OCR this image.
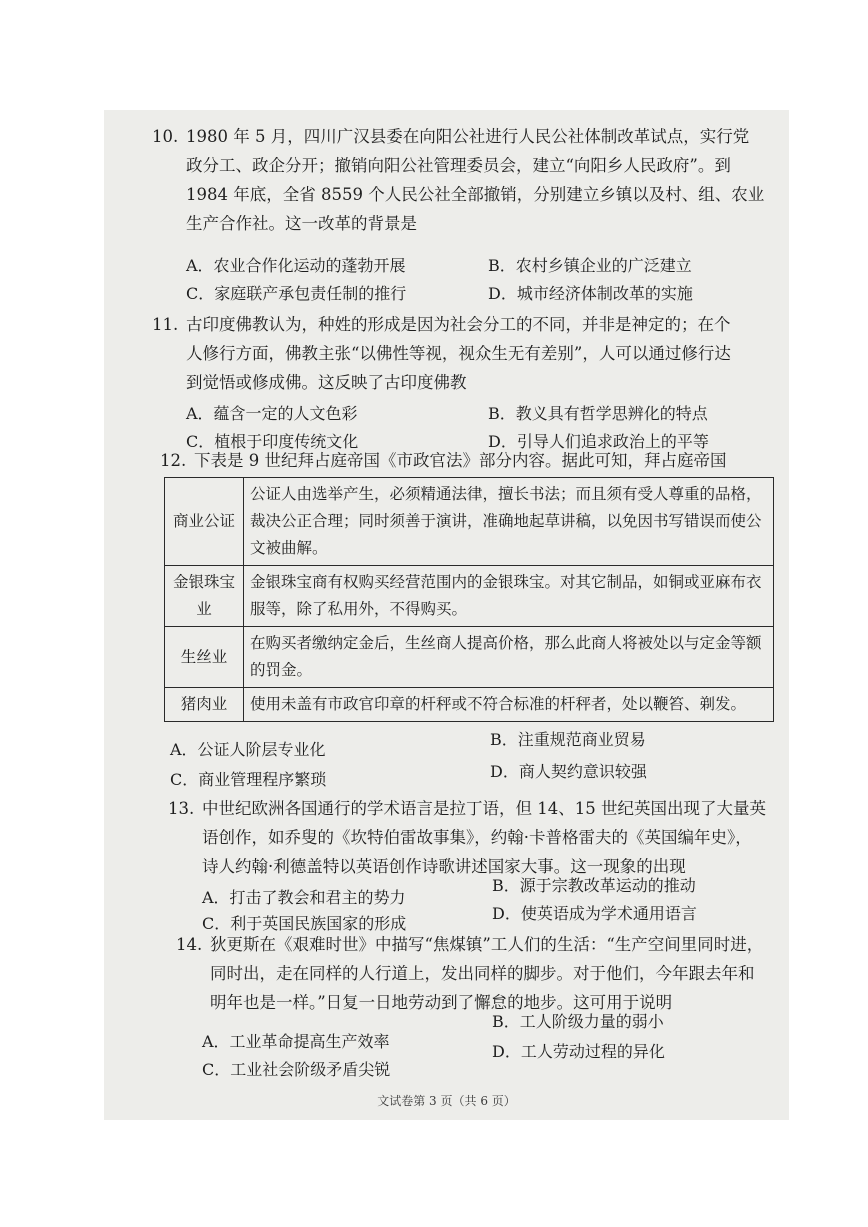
10. 1980 年 5 月，四川广汉县委在向阳公社进行人民公社体制改革试点，实行党
政分工、政企分开；撤销向阳公社管理委员会，建立“向阳乡人民政府”。到
1984 年底，全省 8559 个人民公社全部撤销，分别建立乡镇以及村、组、农业
生产合作社。这一改革的背景是
A．农业合作化运动的蓬勃开展	B．农村乡镇企业的广泛建立
C．家庭联产承包责任制的推行	D．城市经济体制改革的实施
11. 古印度佛教认为，种姓的形成是因为社会分工的不同，并非是神定的；在个
人修行方面，佛教主张“以佛性等视，视众生无有差别”，人可以通过修行达
到觉悟或修成佛。这反映了古印度佛教
A．蕴含一定的人文色彩	B．教义具有哲学思辨化的特点
C．植根于印度传统文化	D．引导人们追求政治上的平等
12. 下表是 9 世纪拜占庭帝国《市政官法》部分内容。据此可知，拜占庭帝国
商业公证	公证人由选举产生，必须精通法律，擅长书法；而且须有受人尊重的品格，裁决公正合理；同时须善于演讲，准确地起草讲稿，以免因书写错误而使公文被曲解。
金银珠宝业	金银珠宝商有权购买经营范围内的金银珠宝。对其它制品，如铜或亚麻布衣服等，除了私用外，不得购买。
生丝业	在购买者缴纳定金后，生丝商人提高价格，那么此商人将被处以与定金等额的罚金。
猪肉业	使用未盖有市政官印章的杆秤或不符合标准的杆秤者，处以鞭笞、剃发。
A．公证人阶层专业化
B．注重规范商业贸易
C．商业管理程序繁琐	D．商人契约意识较强
13. 中世纪欧洲各国通行的学术语言是拉丁语，但 14、15 世纪英国出现了大量英
语创作，如乔叟的《坎特伯雷故事集》，约翰·卡普格雷夫的《英国编年史》，
诗人约翰·利德盖特以英语创作诗歌讲述国家大事。这一现象的出现
A．打击了教会和君主的势力
B．源于宗教改革运动的推动
C．利于英国民族国家的形成
D．使英语成为学术通用语言
14. 狄更斯在《艰难时世》中描写“焦煤镇”工人们的生活：“生产空间里同时进，
同时出，走在同样的人行道上，发出同样的脚步。对于他们，今年跟去年和
明年也是一样。”日复一日地劳动到了懈怠的地步。这可用于说明
A．工业革命提高生产效率
B．工人阶级力量的弱小
C．工业社会阶级矛盾尖锐
D．工人劳动过程的异化
文试卷第 3 页（共 6 页）
